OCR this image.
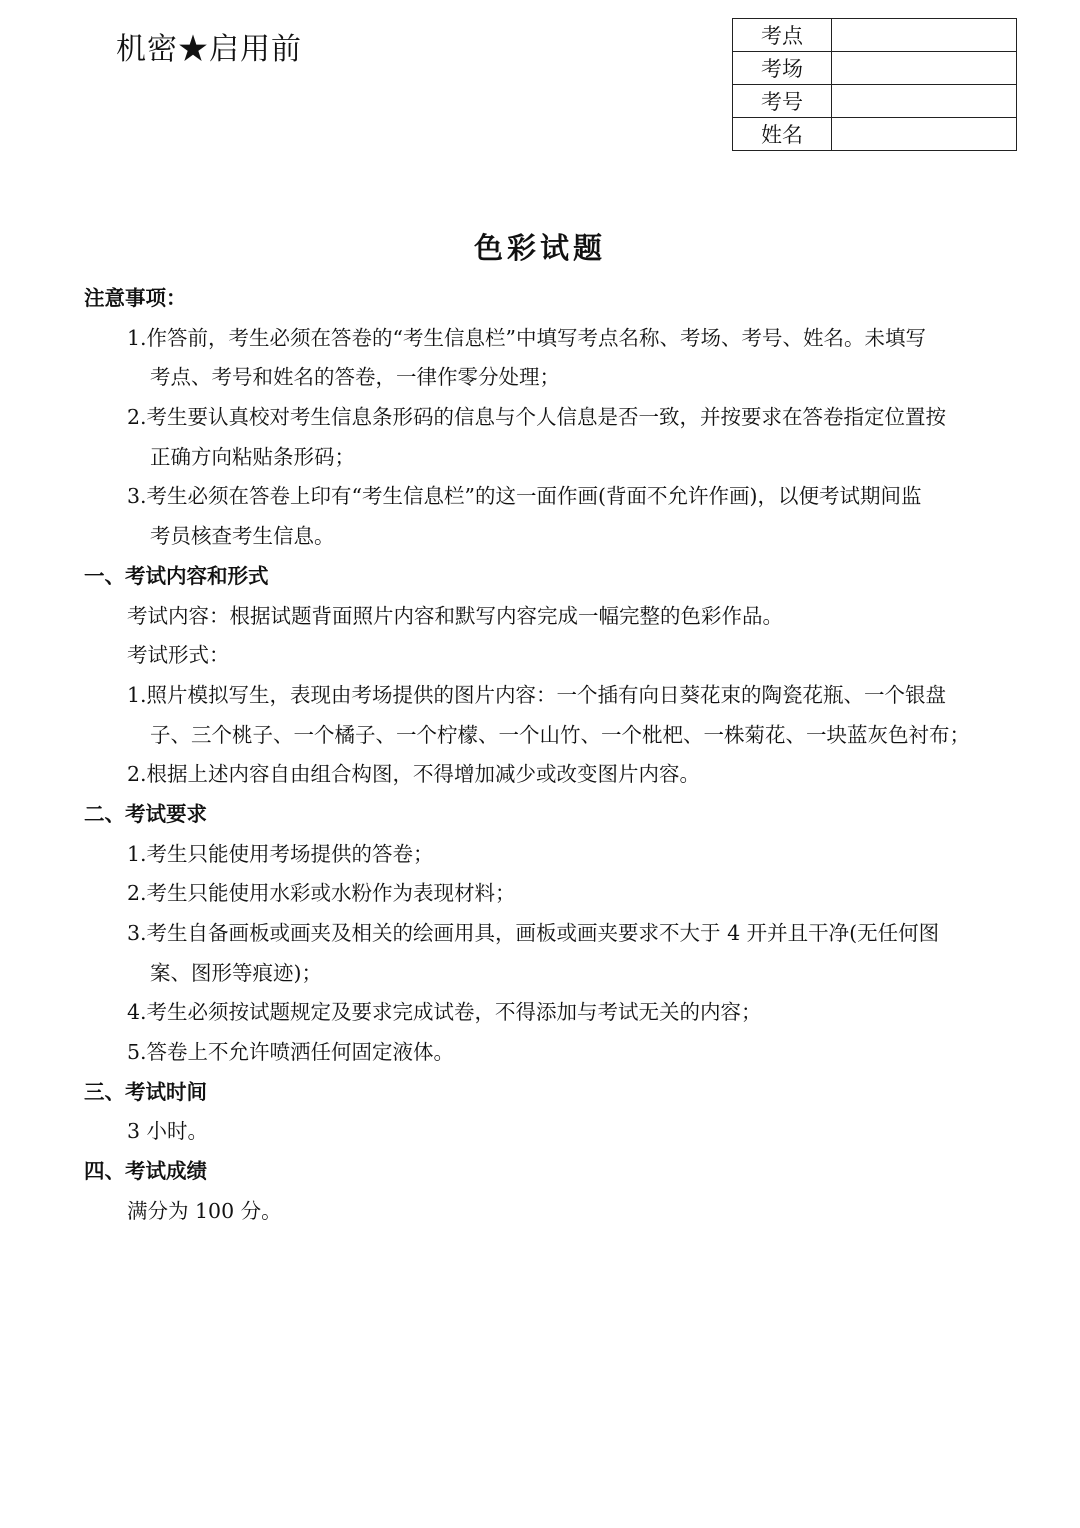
机密★启用前	考点	
考场	
考号	
姓名	
色彩试题
注意事项：
1.作答前，考生必须在答卷的“考生信息栏”中填写考点名称、考场、考号、姓名。未填写
考点、考号和姓名的答卷，一律作零分处理；
2.考生要认真校对考生信息条形码的信息与个人信息是否一致，并按要求在答卷指定位置按
正确方向粘贴条形码；
3.考生必须在答卷上印有“考生信息栏”的这一面作画(背面不允许作画)，以便考试期间监
考员核查考生信息。
一、考试内容和形式
考试内容：根据试题背面照片内容和默写内容完成一幅完整的色彩作品。
考试形式：
1.照片模拟写生，表现由考场提供的图片内容：一个插有向日葵花束的陶瓷花瓶、一个银盘
子、三个桃子、一个橘子、一个柠檬、一个山竹、一个枇杷、一株菊花、一块蓝灰色衬布；
2.根据上述内容自由组合构图，不得增加减少或改变图片内容。
二、考试要求
1.考生只能使用考场提供的答卷；
2.考生只能使用水彩或水粉作为表现材料；
3.考生自备画板或画夹及相关的绘画用具，画板或画夹要求不大于 4 开并且干净(无任何图
案、图形等痕迹)；
4.考生必须按试题规定及要求完成试卷，不得添加与考试无关的内容；
5.答卷上不允许喷洒任何固定液体。
三、考试时间
3 小时。
四、考试成绩
满分为 100 分。
